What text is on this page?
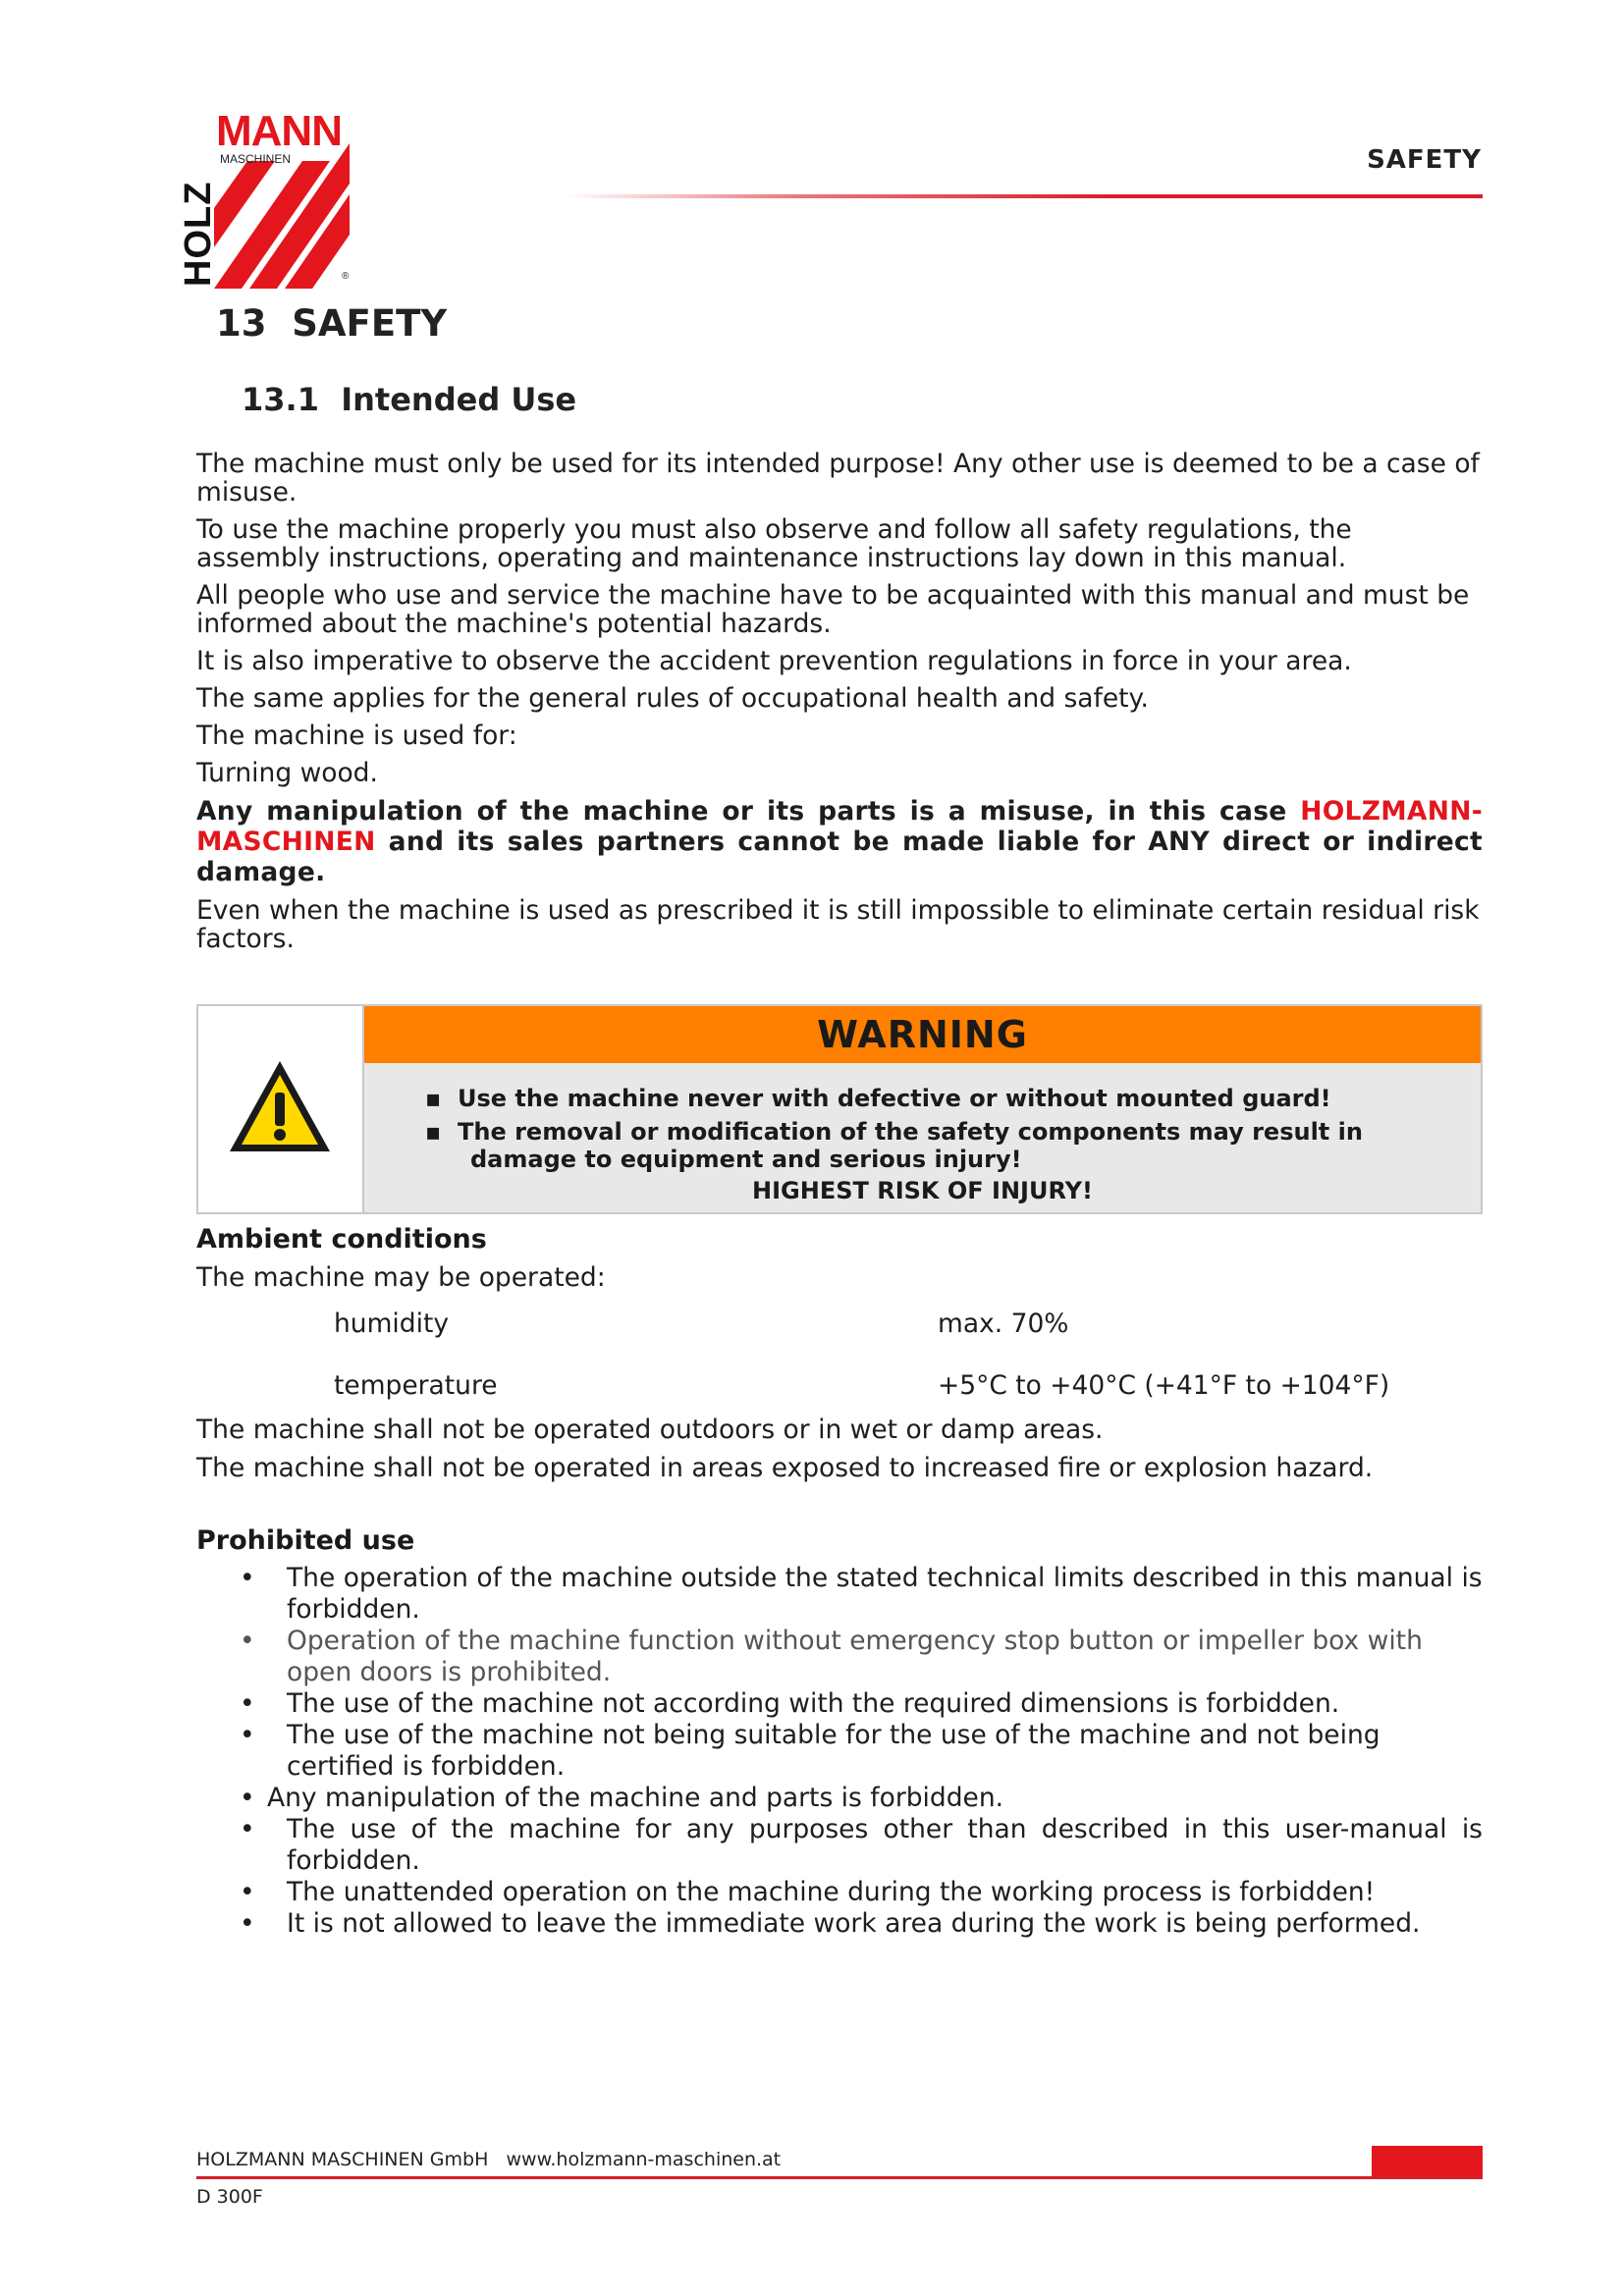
MANN
MASCHINEN
HOLZ	®
SAFETY
13 SAFETY
13.1 Intended Use

The machine must only be used for its intended purpose! Any other use is deemed to be a case of misuse.

To use the machine properly you must also observe and follow all safety regulations, the assembly instructions, operating and maintenance instructions lay down in this manual.

All people who use and service the machine have to be acquainted with this manual and must be informed about the machine's potential hazards.

It is also imperative to observe the accident prevention regulations in force in your area.

The same applies for the general rules of occupational health and safety.

The machine is used for:

Turning wood.

Any manipulation of the machine or its parts is a misuse, in this case HOLZMANN-MASCHINEN and its sales partners cannot be made liable for ANY direct or indirect damage.

Even when the machine is used as prescribed it is still impossible to eliminate certain residual risk factors.

WARNING
▪ Use the machine never with defective or without mounted guard!
▪ The removal or modification of the safety components may result in
damage to equipment and serious injury!
HIGHEST RISK OF INJURY!
Ambient conditions
The machine may be operated:
humidity	max. 70%
temperature	+5°C to +40°C (+41°F to +104°F)
The machine shall not be operated outdoors or in wet or damp areas.
The machine shall not be operated in areas exposed to increased fire or explosion hazard.
Prohibited use
• The operation of the machine outside the stated technical limits described in this manual is forbidden.
• Operation of the machine function without emergency stop button or impeller box with open doors is prohibited.
• The use of the machine not according with the required dimensions is forbidden.
• The use of the machine not being suitable for the use of the machine and not being certified is forbidden.
• Any manipulation of the machine and parts is forbidden.
• The use of the machine for any purposes other than described in this user-manual is forbidden.
• The unattended operation on the machine during the working process is forbidden!
• It is not allowed to leave the immediate work area during the work is being performed.
HOLZMANN MASCHINEN GmbH www.holzmann-maschinen.at
D 300F
